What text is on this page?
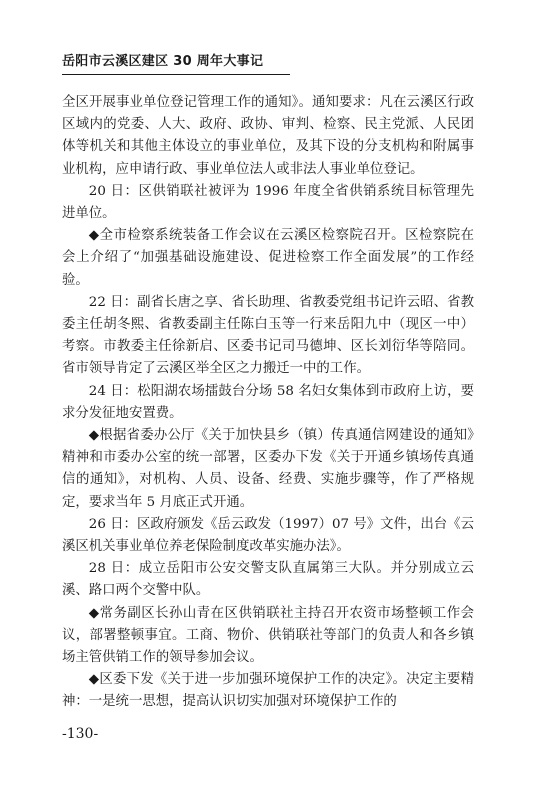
岳阳市云溪区建区 30 周年大事记

全区开展事业单位登记管理工作的通知》。通知要求：凡在云溪区行政区域内的党委、人大、政府、政协、审判、检察、民主党派、人民团体等机关和其他主体设立的事业单位，及其下设的分支机构和附属事业机构，应申请行政、事业单位法人或非法人事业单位登记。

20 日：区供销联社被评为 1996 年度全省供销系统目标管理先进单位。

◆全市检察系统装备工作会议在云溪区检察院召开。区检察院在会上介绍了“加强基础设施建设、促进检察工作全面发展”的工作经验。

22 日：副省长唐之享、省长助理、省教委党组书记许云昭、省教委主任胡冬熙、省教委副主任陈白玉等一行来岳阳九中（现区一中）考察。市教委主任徐新启、区委书记司马德坤、区长刘衍华等陪同。省市领导肯定了云溪区举全区之力搬迁一中的工作。

24 日：松阳湖农场擂鼓台分场 58 名妇女集体到市政府上访，要求分发征地安置费。

◆根据省委办公厅《关于加快县乡（镇）传真通信网建设的通知》精神和市委办公室的统一部署，区委办下发《关于开通乡镇场传真通信的通知》，对机构、人员、设备、经费、实施步骤等，作了严格规定，要求当年 5 月底正式开通。

26 日：区政府颁发《岳云政发（1997）07 号》文件，出台《云溪区机关事业单位养老保险制度改革实施办法》。

28 日：成立岳阳市公安交警支队直属第三大队。并分别成立云溪、路口两个交警中队。

◆常务副区长孙山青在区供销联社主持召开农资市场整顿工作会议，部署整顿事宜。工商、物价、供销联社等部门的负责人和各乡镇场主管供销工作的领导参加会议。

◆区委下发《关于进一步加强环境保护工作的决定》。决定主要精神：一是统一思想，提高认识切实加强对环境保护工作的

-130-
